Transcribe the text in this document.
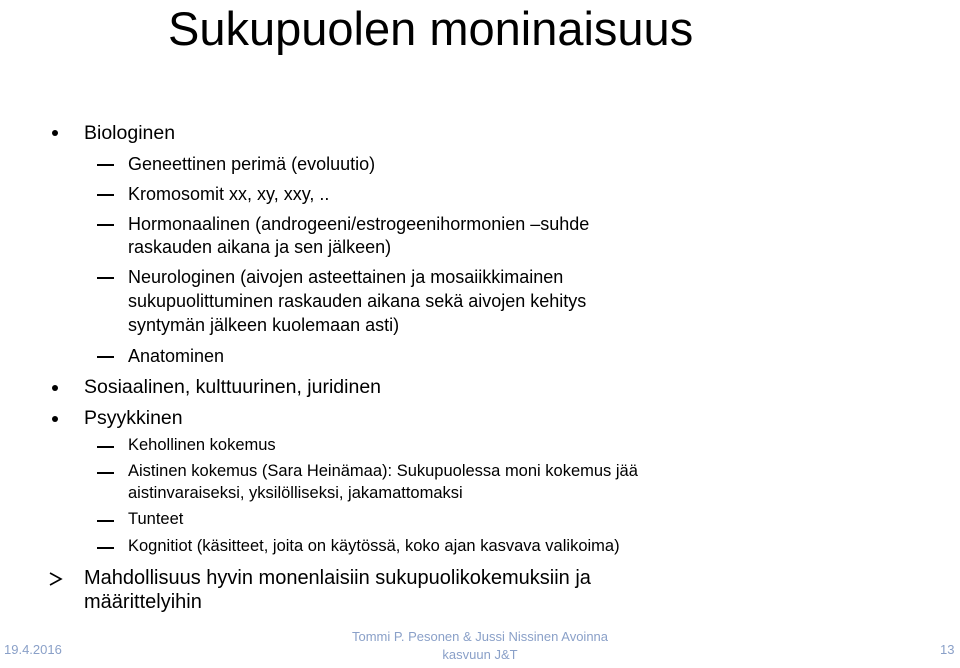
Sukupuolen moninaisuus
Biologinen
Geneettinen perimä (evoluutio)
Kromosomit xx, xy, xxy, ..
Hormonaalinen (androgeeni/estrogeenihormonien –suhde
raskauden aikana ja sen jälkeen)
Neurologinen (aivojen asteettainen ja mosaiikkimainen
sukupuolittuminen raskauden aikana sekä aivojen kehitys
syntymän jälkeen kuolemaan asti)
Anatominen
Sosiaalinen, kulttuurinen, juridinen
Psyykkinen
Kehollinen kokemus
Aistinen kokemus (Sara Heinämaa): Sukupuolessa moni kokemus jää
aistinvaraiseksi, yksilölliseksi, jakamattomaksi
Tunteet
Kognitiot (käsitteet, joita on käytössä, koko ajan kasvava valikoima)
Mahdollisuus hyvin monenlaisiin sukupuolikokemuksiin ja
määrittelyihin
19.4.2016
Tommi P. Pesonen & Jussi Nissinen Avoinna
kasvuun J&T	13
